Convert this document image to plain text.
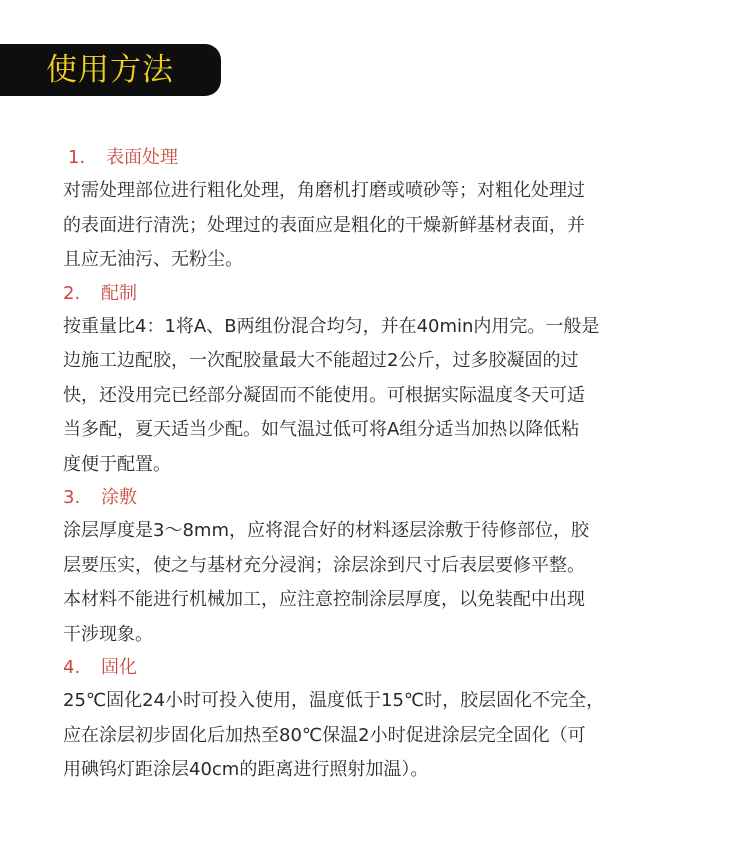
使用方法
1. 表面处理
对需处理部位进行粗化处理，角磨机打磨或喷砂等；对粗化处理过
的表面进行清洗；处理过的表面应是粗化的干燥新鲜基材表面，并
且应无油污、无粉尘。
2. 配制
按重量比4：1将A、B两组份混合均匀，并在40min内用完。一般是
边施工边配胶，一次配胶量最大不能超过2公斤，过多胶凝固的过
快，还没用完已经部分凝固而不能使用。可根据实际温度冬天可适
当多配，夏天适当少配。如气温过低可将A组分适当加热以降低粘
度便于配置。
3. 涂敷
涂层厚度是3～8mm，应将混合好的材料逐层涂敷于待修部位，胶
层要压实，使之与基材充分浸润；涂层涂到尺寸后表层要修平整。
本材料不能进行机械加工，应注意控制涂层厚度，以免装配中出现
干涉现象。
4. 固化
25℃固化24小时可投入使用，温度低于15℃时，胶层固化不完全，
应在涂层初步固化后加热至80℃保温2小时促进涂层完全固化（可
用碘钨灯距涂层40cm的距离进行照射加温）。
